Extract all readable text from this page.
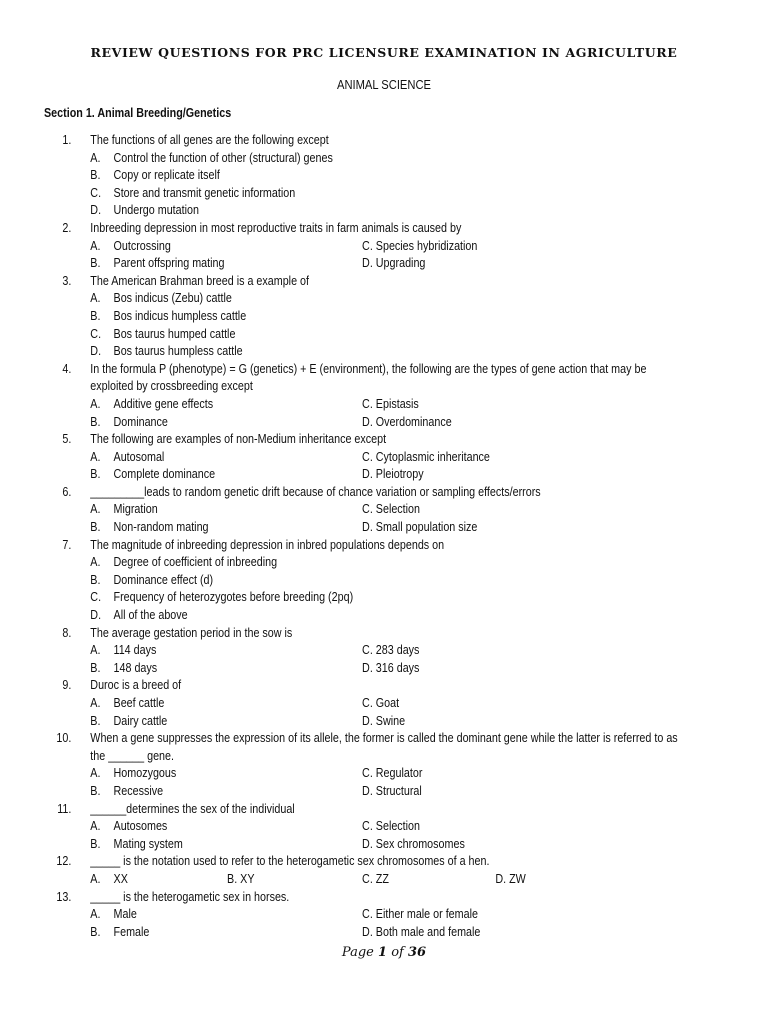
REVIEW QUESTIONS FOR PRC LICENSURE EXAMINATION IN AGRICULTURE
ANIMAL SCIENCE
Section 1. Animal Breeding/Genetics
1. The functions of all genes are the following except
A. Control the function of other (structural) genes
B. Copy or replicate itself
C. Store and transmit genetic information
D. Undergo mutation
2. Inbreeding depression in most reproductive traits in farm animals is caused by
A. Outcrossing	C. Species hybridization
B. Parent offspring mating	D. Upgrading
3. The American Brahman breed is a example of
A. Bos indicus (Zebu) cattle
B. Bos indicus humpless cattle
C. Bos taurus humped cattle
D. Bos taurus humpless cattle
4. In the formula P (phenotype) = G (genetics) + E (environment), the following are the types of gene action that may be
exploited by crossbreeding except
A. Additive gene effects	C. Epistasis
B. Dominance	D. Overdominance
5. The following are examples of non-Medium inheritance except
A. Autosomal	C. Cytoplasmic inheritance
B. Complete dominance	D. Pleiotropy
6. _________leads to random genetic drift because of chance variation or sampling effects/errors
A. Migration	C. Selection
B. Non-random mating	D. Small population size
7. The magnitude of inbreeding depression in inbred populations depends on
A. Degree of coefficient of inbreeding
B. Dominance effect (d)
C. Frequency of heterozygotes before breeding (2pq)
D. All of the above
8. The average gestation period in the sow is
A. 114 days	C. 283 days
B. 148 days	D. 316 days
9. Duroc is a breed of
A. Beef cattle	C. Goat
B. Dairy cattle	D. Swine
10. When a gene suppresses the expression of its allele, the former is called the dominant gene while the latter is referred to as
the ______ gene.
A. Homozygous	C. Regulator
B. Recessive	D. Structural
11. ______determines the sex of the individual
A. Autosomes	C. Selection
B. Mating system	D. Sex chromosomes
12. _____ is the notation used to refer to the heterogametic sex chromosomes of a hen.
A. XX	B. XY	C. ZZ	D. ZW
13. _____ is the heterogametic sex in horses.
A. Male	C. Either male or female
B. Female	D. Both male and female
Page 1 of 36
